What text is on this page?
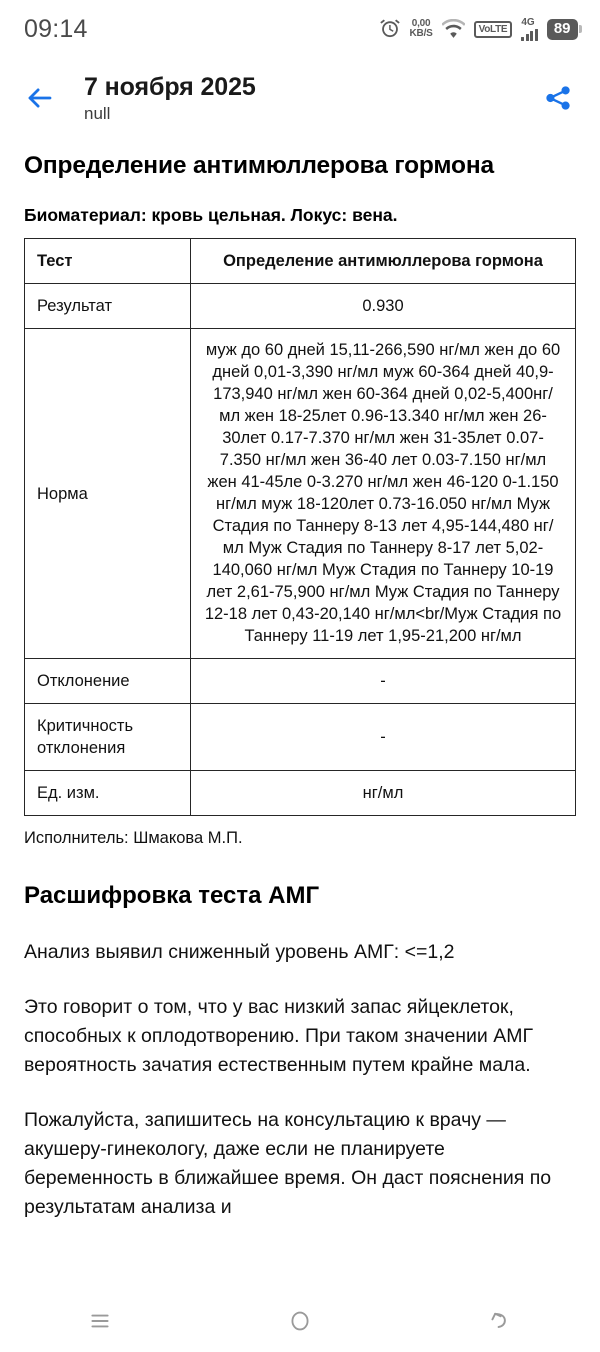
09:14	0,00
KB/S	VoLTE
4G	89
7 ноября 2025
null
Определение антимюллерова гормона
Биоматериал: кровь цельная. Локус: вена.
Тест	Определение антимюллерова гормона
Результат	0.930
Норма	муж до 60 дней 15,11-266,590 нг/мл жен до 60 дней 0,01-3,390 нг/мл муж 60-364 дней 40,9-173,940 нг/мл жен 60-364 дней 0,02-5,400нг/мл жен 18-25лет 0.96-13.340 нг/мл жен 26-30лет 0.17-7.370 нг/мл жен 31-35лет 0.07-7.350 нг/мл жен 36-40 лет 0.03-7.150 нг/мл жен 41-45ле 0-3.270 нг/мл жен 46-120 0-1.150 нг/мл муж 18-120лет 0.73-16.050 нг/мл Муж Стадия по Таннеру 8-13 лет 4,95-144,480 нг/мл Муж Стадия по Таннеру 8-17 лет 5,02-140,060 нг/мл Муж Стадия по Таннеру 10-19 лет 2,61-75,900 нг/мл Муж Стадия по Таннеру 12-18 лет 0,43-20,140 нг/мл<br/Муж Стадия по Таннеру 11-19 лет 1,95-21,200 нг/мл
Отклонение	-
Критичность отклонения	-
Ед. изм.	нг/мл
Исполнитель: Шмакова М.П.
Расшифровка теста АМГ
Анализ выявил сниженный уровень АМГ: <=1,2
Это говорит о том, что у вас низкий запас яйцеклеток, способных к оплодотворению. При таком значении АМГ вероятность зачатия естественным путем крайне мала.
Пожалуйста, запишитесь на консультацию к врачу — акушеру-гинекологу, даже если не планируете беременность в ближайшее время. Он даст пояснения по результатам анализа и
